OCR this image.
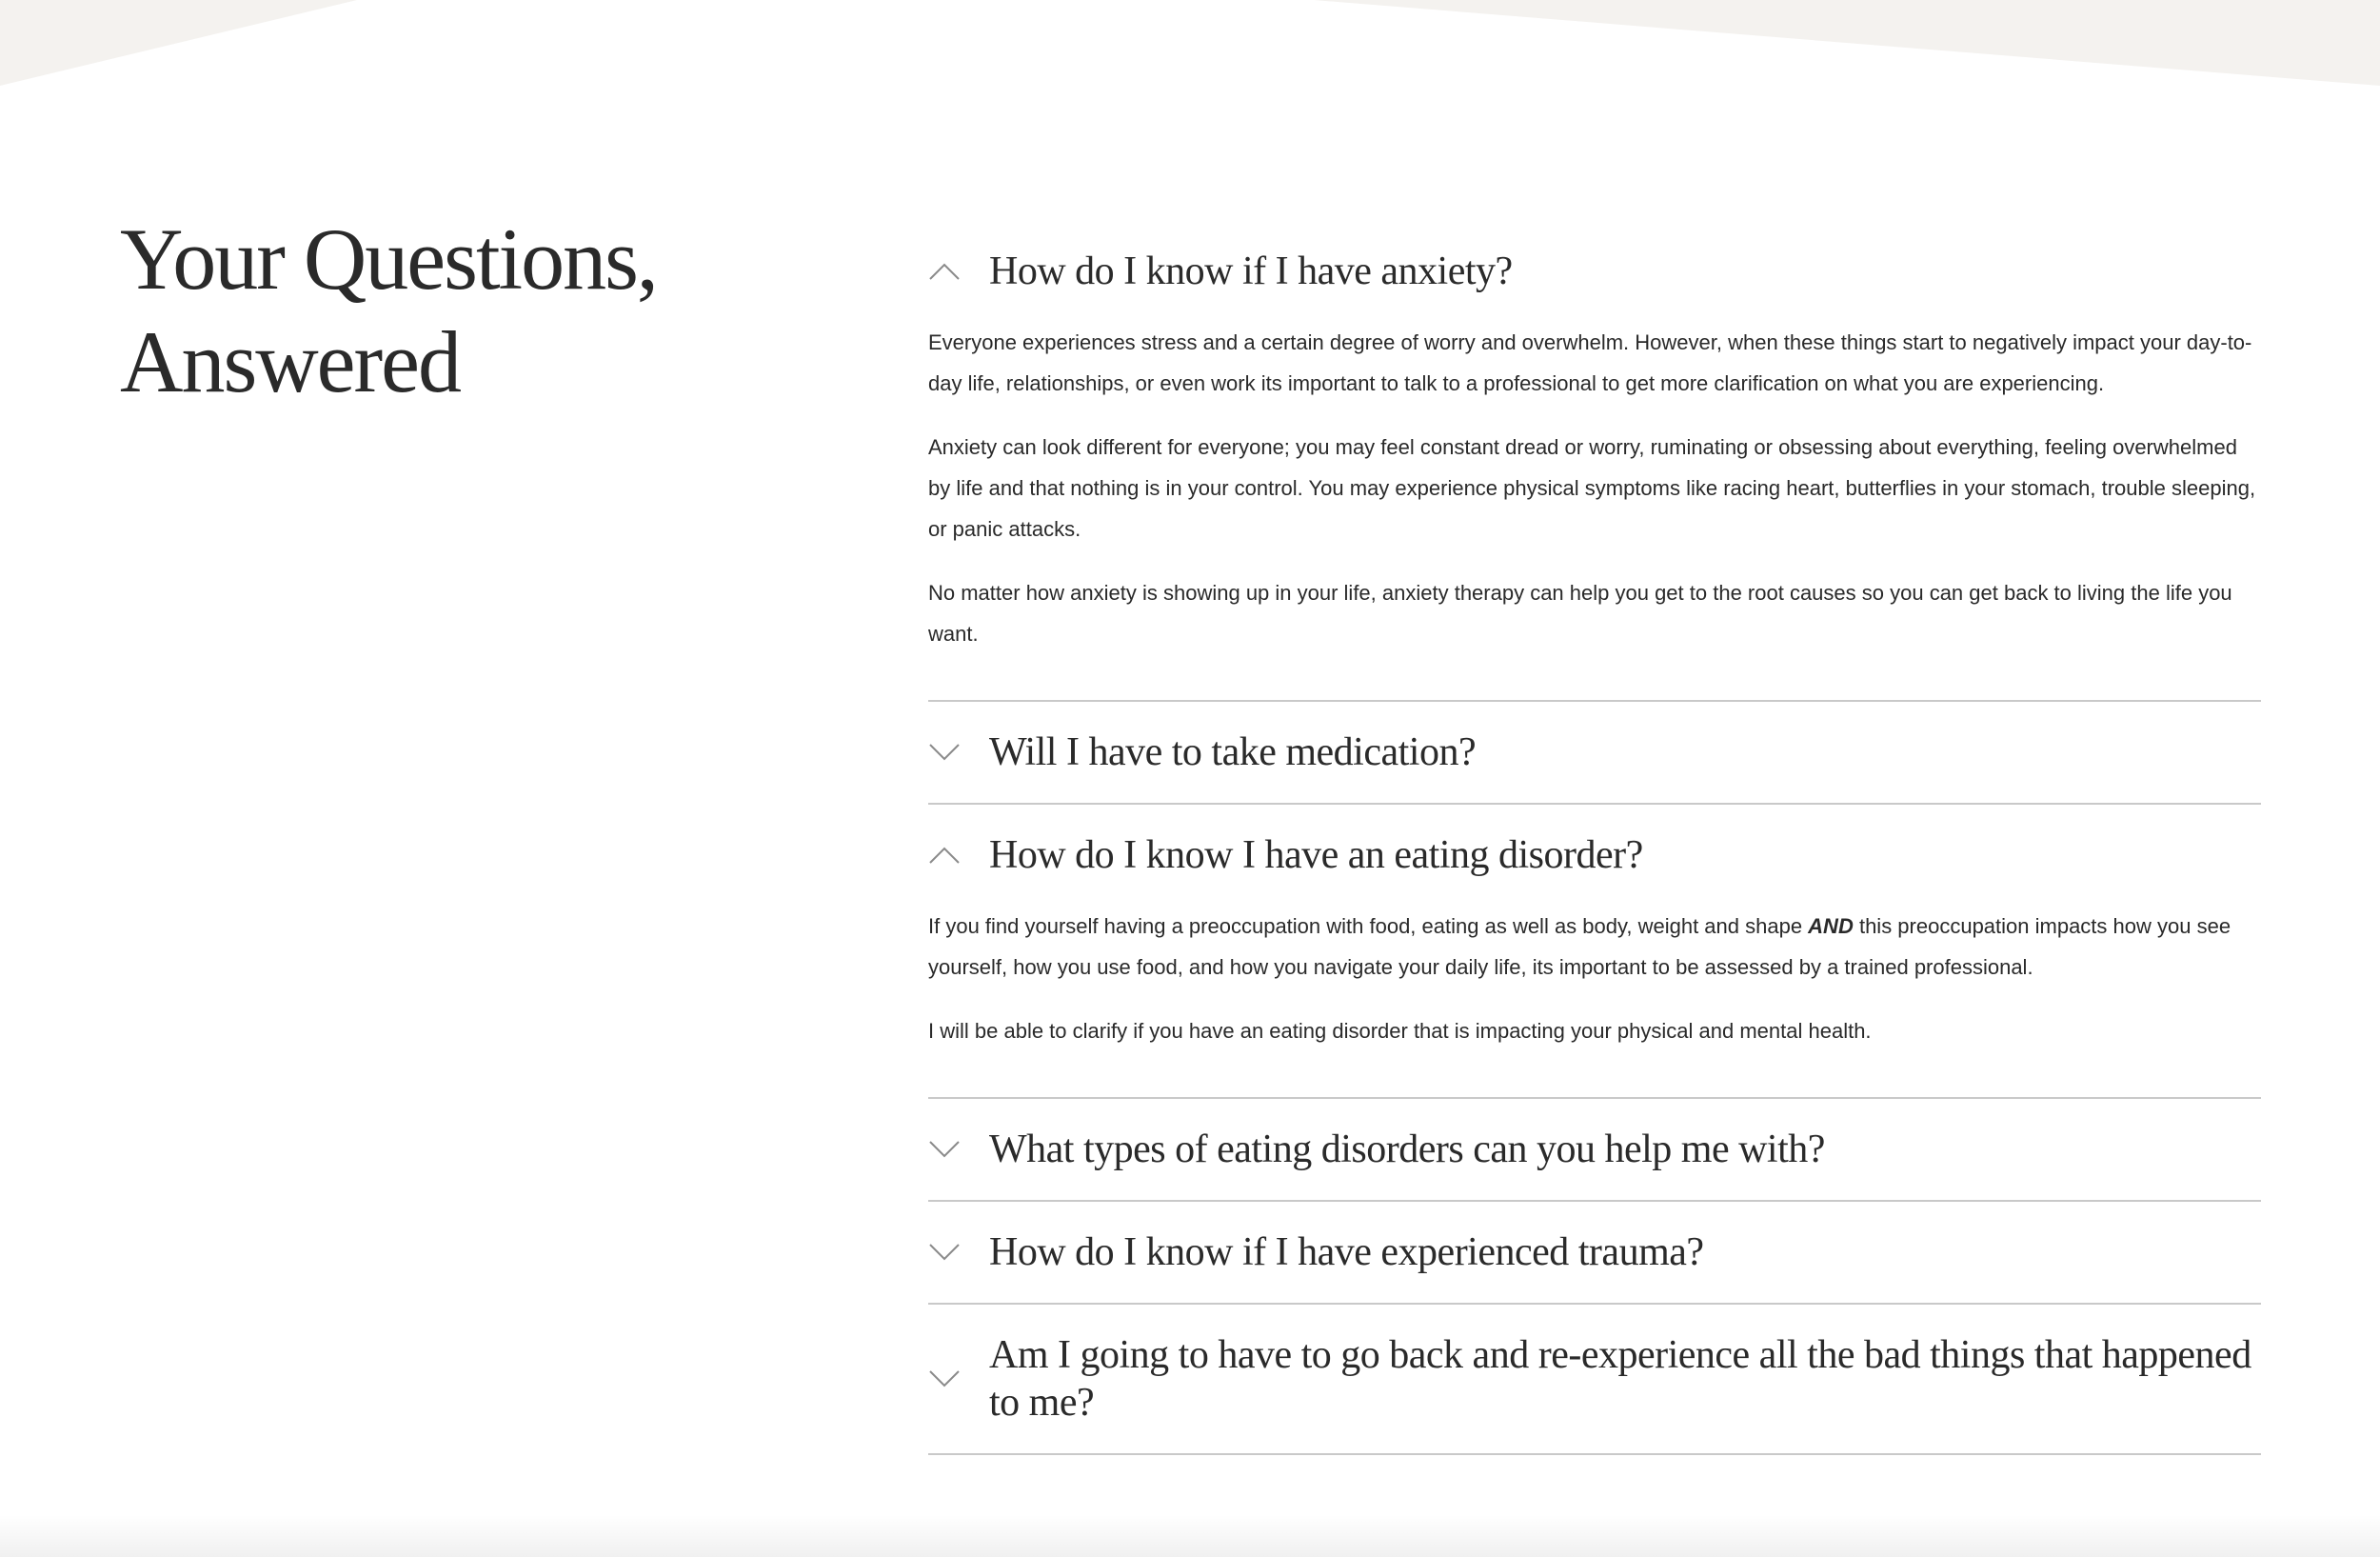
Your Questions,
Answered
How do I know if I have anxiety?

Everyone experiences stress and a certain degree of worry and overwhelm. However, when these things start to negatively impact your day-to-day life, relationships, or even work its important to talk to a professional to get more clarification on what you are experiencing.

Anxiety can look different for everyone; you may feel constant dread or worry, ruminating or obsessing about everything, feeling overwhelmed by life and that nothing is in your control. You may experience physical symptoms like racing heart, butterflies in your stomach, trouble sleeping, or panic attacks.

No matter how anxiety is showing up in your life, anxiety therapy can help you get to the root causes so you can get back to living the life you want.

Will I have to take medication?
How do I know I have an eating disorder?

If you find yourself having a preoccupation with food, eating as well as body, weight and shape AND this preoccupation impacts how you see yourself, how you use food, and how you navigate your daily life, its important to be assessed by a trained professional.

I will be able to clarify if you have an eating disorder that is impacting your physical and mental health.

What types of eating disorders can you help me with?
How do I know if I have experienced trauma?
Am I going to have to go back and re-experience all the bad things that happened to me?
